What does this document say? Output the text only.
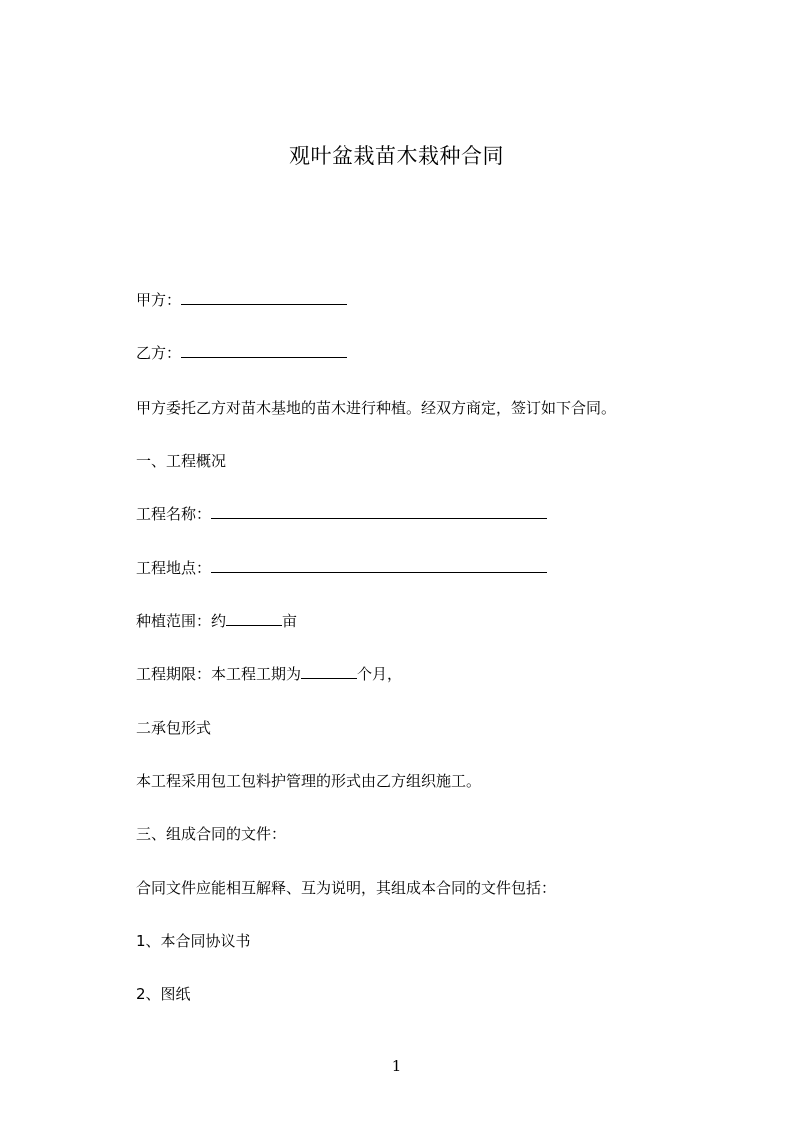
观叶盆栽苗木栽种合同
甲方：
乙方：
甲方委托乙方对苗木基地的苗木进行种植。经双方商定，签订如下合同。
一、工程概况
工程名称：
工程地点：
种植范围：约	亩
工程期限：本工程工期为	个月，
二承包形式
本工程采用包工包料护管理的形式由乙方组织施工。
三、组成合同的文件：
合同文件应能相互解释、互为说明，其组成本合同的文件包括：
1、本合同协议书
2、图纸
1
